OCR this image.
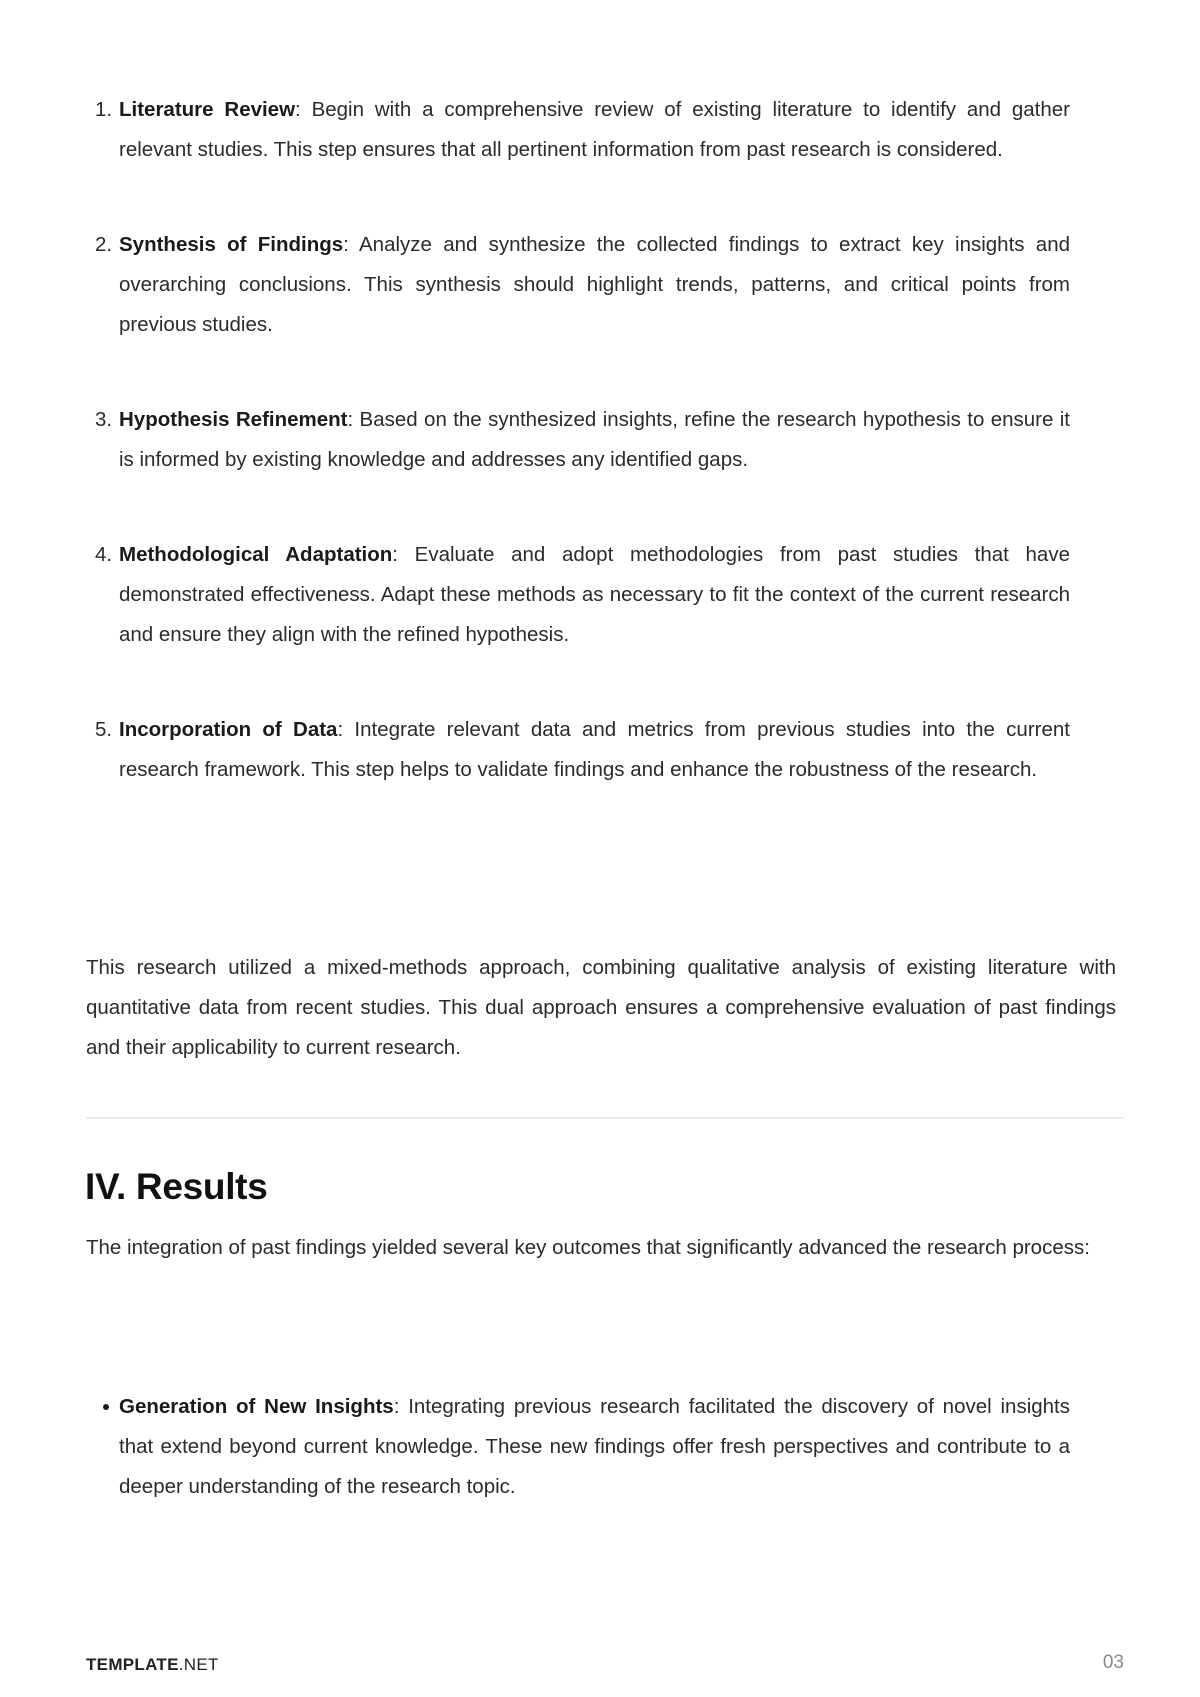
1. Literature Review: Begin with a comprehensive review of existing literature to identify and gather relevant studies. This step ensures that all pertinent information from past research is considered.
2. Synthesis of Findings: Analyze and synthesize the collected findings to extract key insights and overarching conclusions. This synthesis should highlight trends, patterns, and critical points from previous studies.
3. Hypothesis Refinement: Based on the synthesized insights, refine the research hypothesis to ensure it is informed by existing knowledge and addresses any identified gaps.
4. Methodological Adaptation: Evaluate and adopt methodologies from past studies that have demonstrated effectiveness. Adapt these methods as necessary to fit the context of the current research and ensure they align with the refined hypothesis.
5. Incorporation of Data: Integrate relevant data and metrics from previous studies into the current research framework. This step helps to validate findings and enhance the robustness of the research.

This research utilized a mixed-methods approach, combining qualitative analysis of existing literature with quantitative data from recent studies. This dual approach ensures a comprehensive evaluation of past findings and their applicability to current research.

IV. Results

The integration of past findings yielded several key outcomes that significantly advanced the research process:

Generation of New Insights: Integrating previous research facilitated the discovery of novel insights that extend beyond current knowledge. These new findings offer fresh perspectives and contribute to a deeper understanding of the research topic.
TEMPLATE.NET	03
